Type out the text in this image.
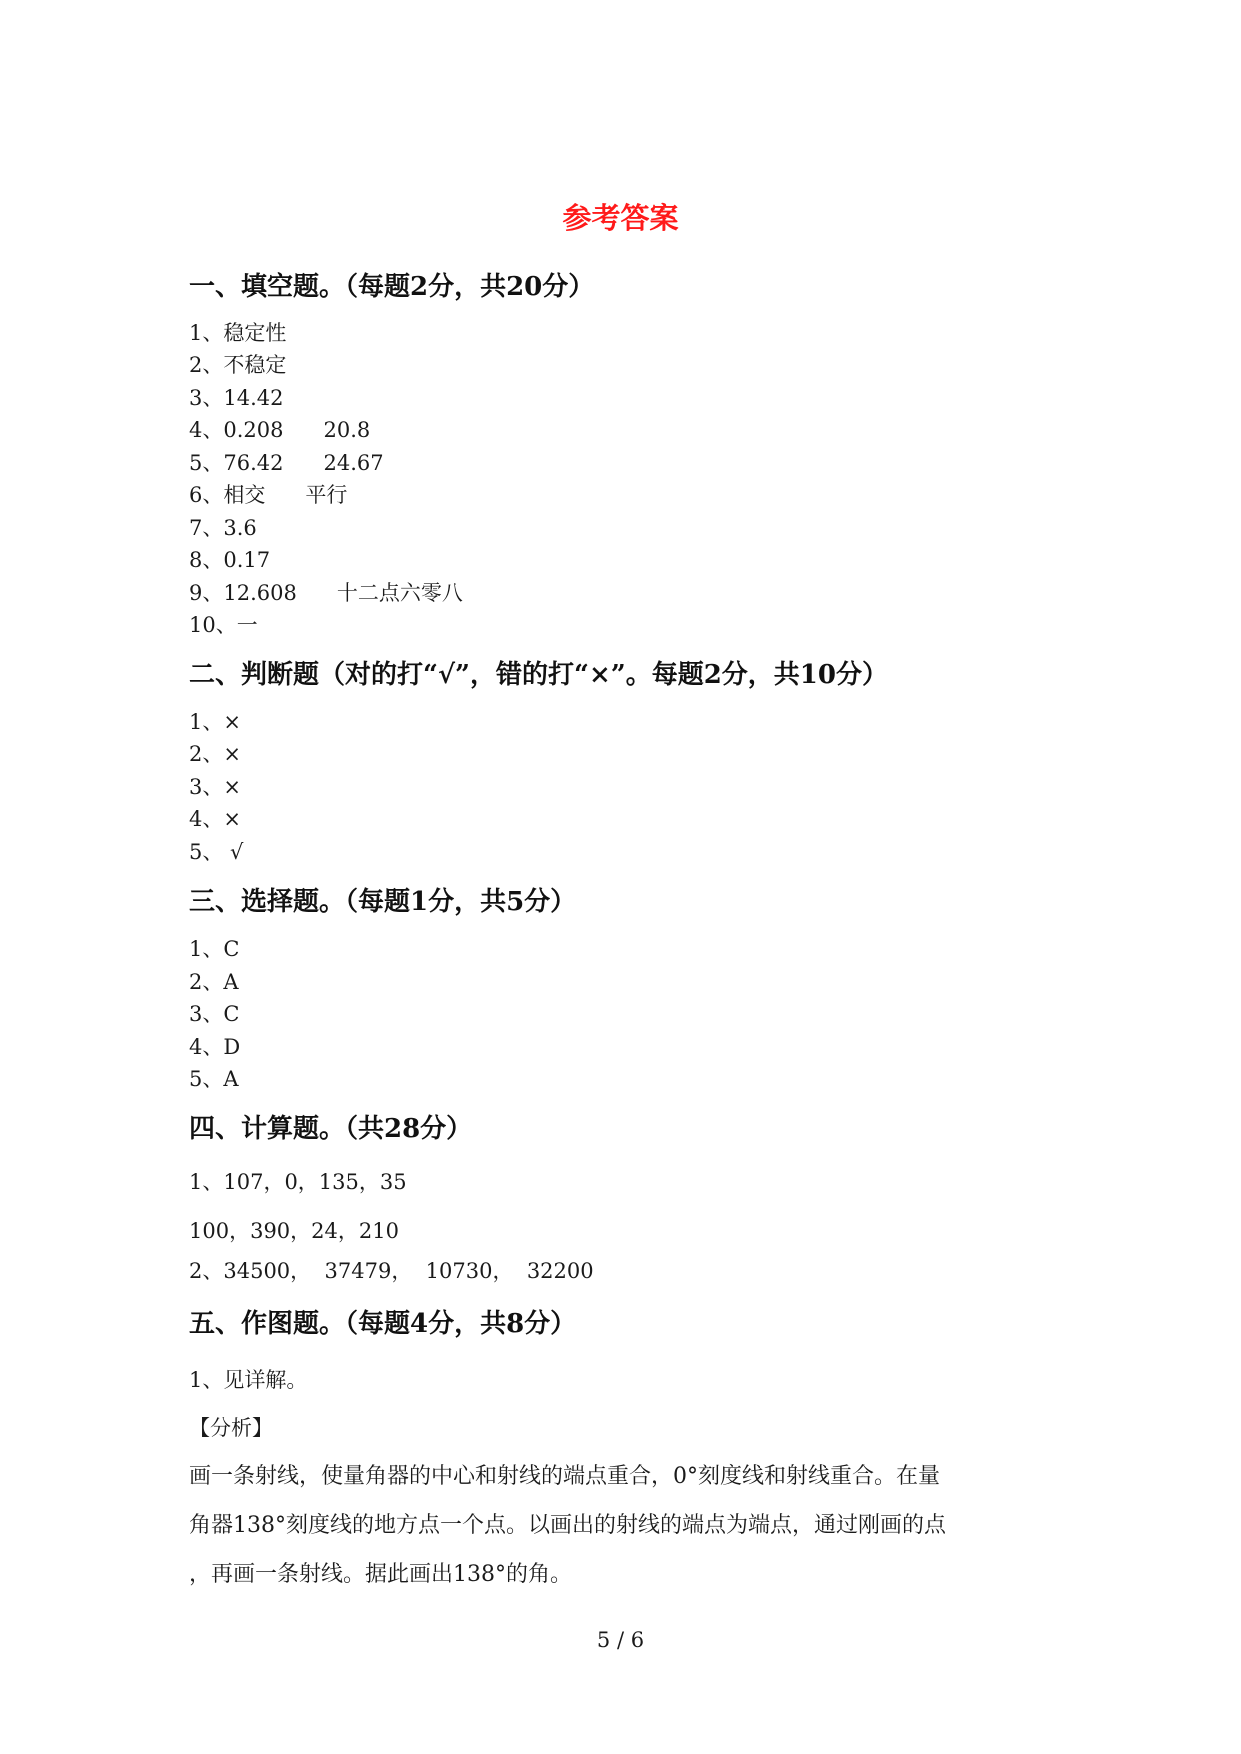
参考答案
一、填空题。（每题2分，共20分）
1、稳定性
2、不稳定
3、14.42
4、0.208      20.8
5、76.42      24.67
6、相交      平行
7、3.6
8、0.17
9、12.608      十二点六零八
10、一
二、判断题（对的打“√”，错的打“×”。每题2分，共10分）
1、×
2、×
3、×
4、×
5、 √
三、选择题。（每题1分，共5分）
1、C
2、A
3、C
4、D
5、A
四、计算题。（共28分）
1、107，0，135，35
100，390，24，210
2、34500，  37479，  10730，  32200
五、作图题。（每题4分，共8分）
1、见详解。
【分析】
画一条射线，使量角器的中心和射线的端点重合，0°刻度线和射线重合。在量
角器138°刻度线的地方点一个点。以画出的射线的端点为端点，通过刚画的点
，再画一条射线。据此画出138°的角。
5 / 6
